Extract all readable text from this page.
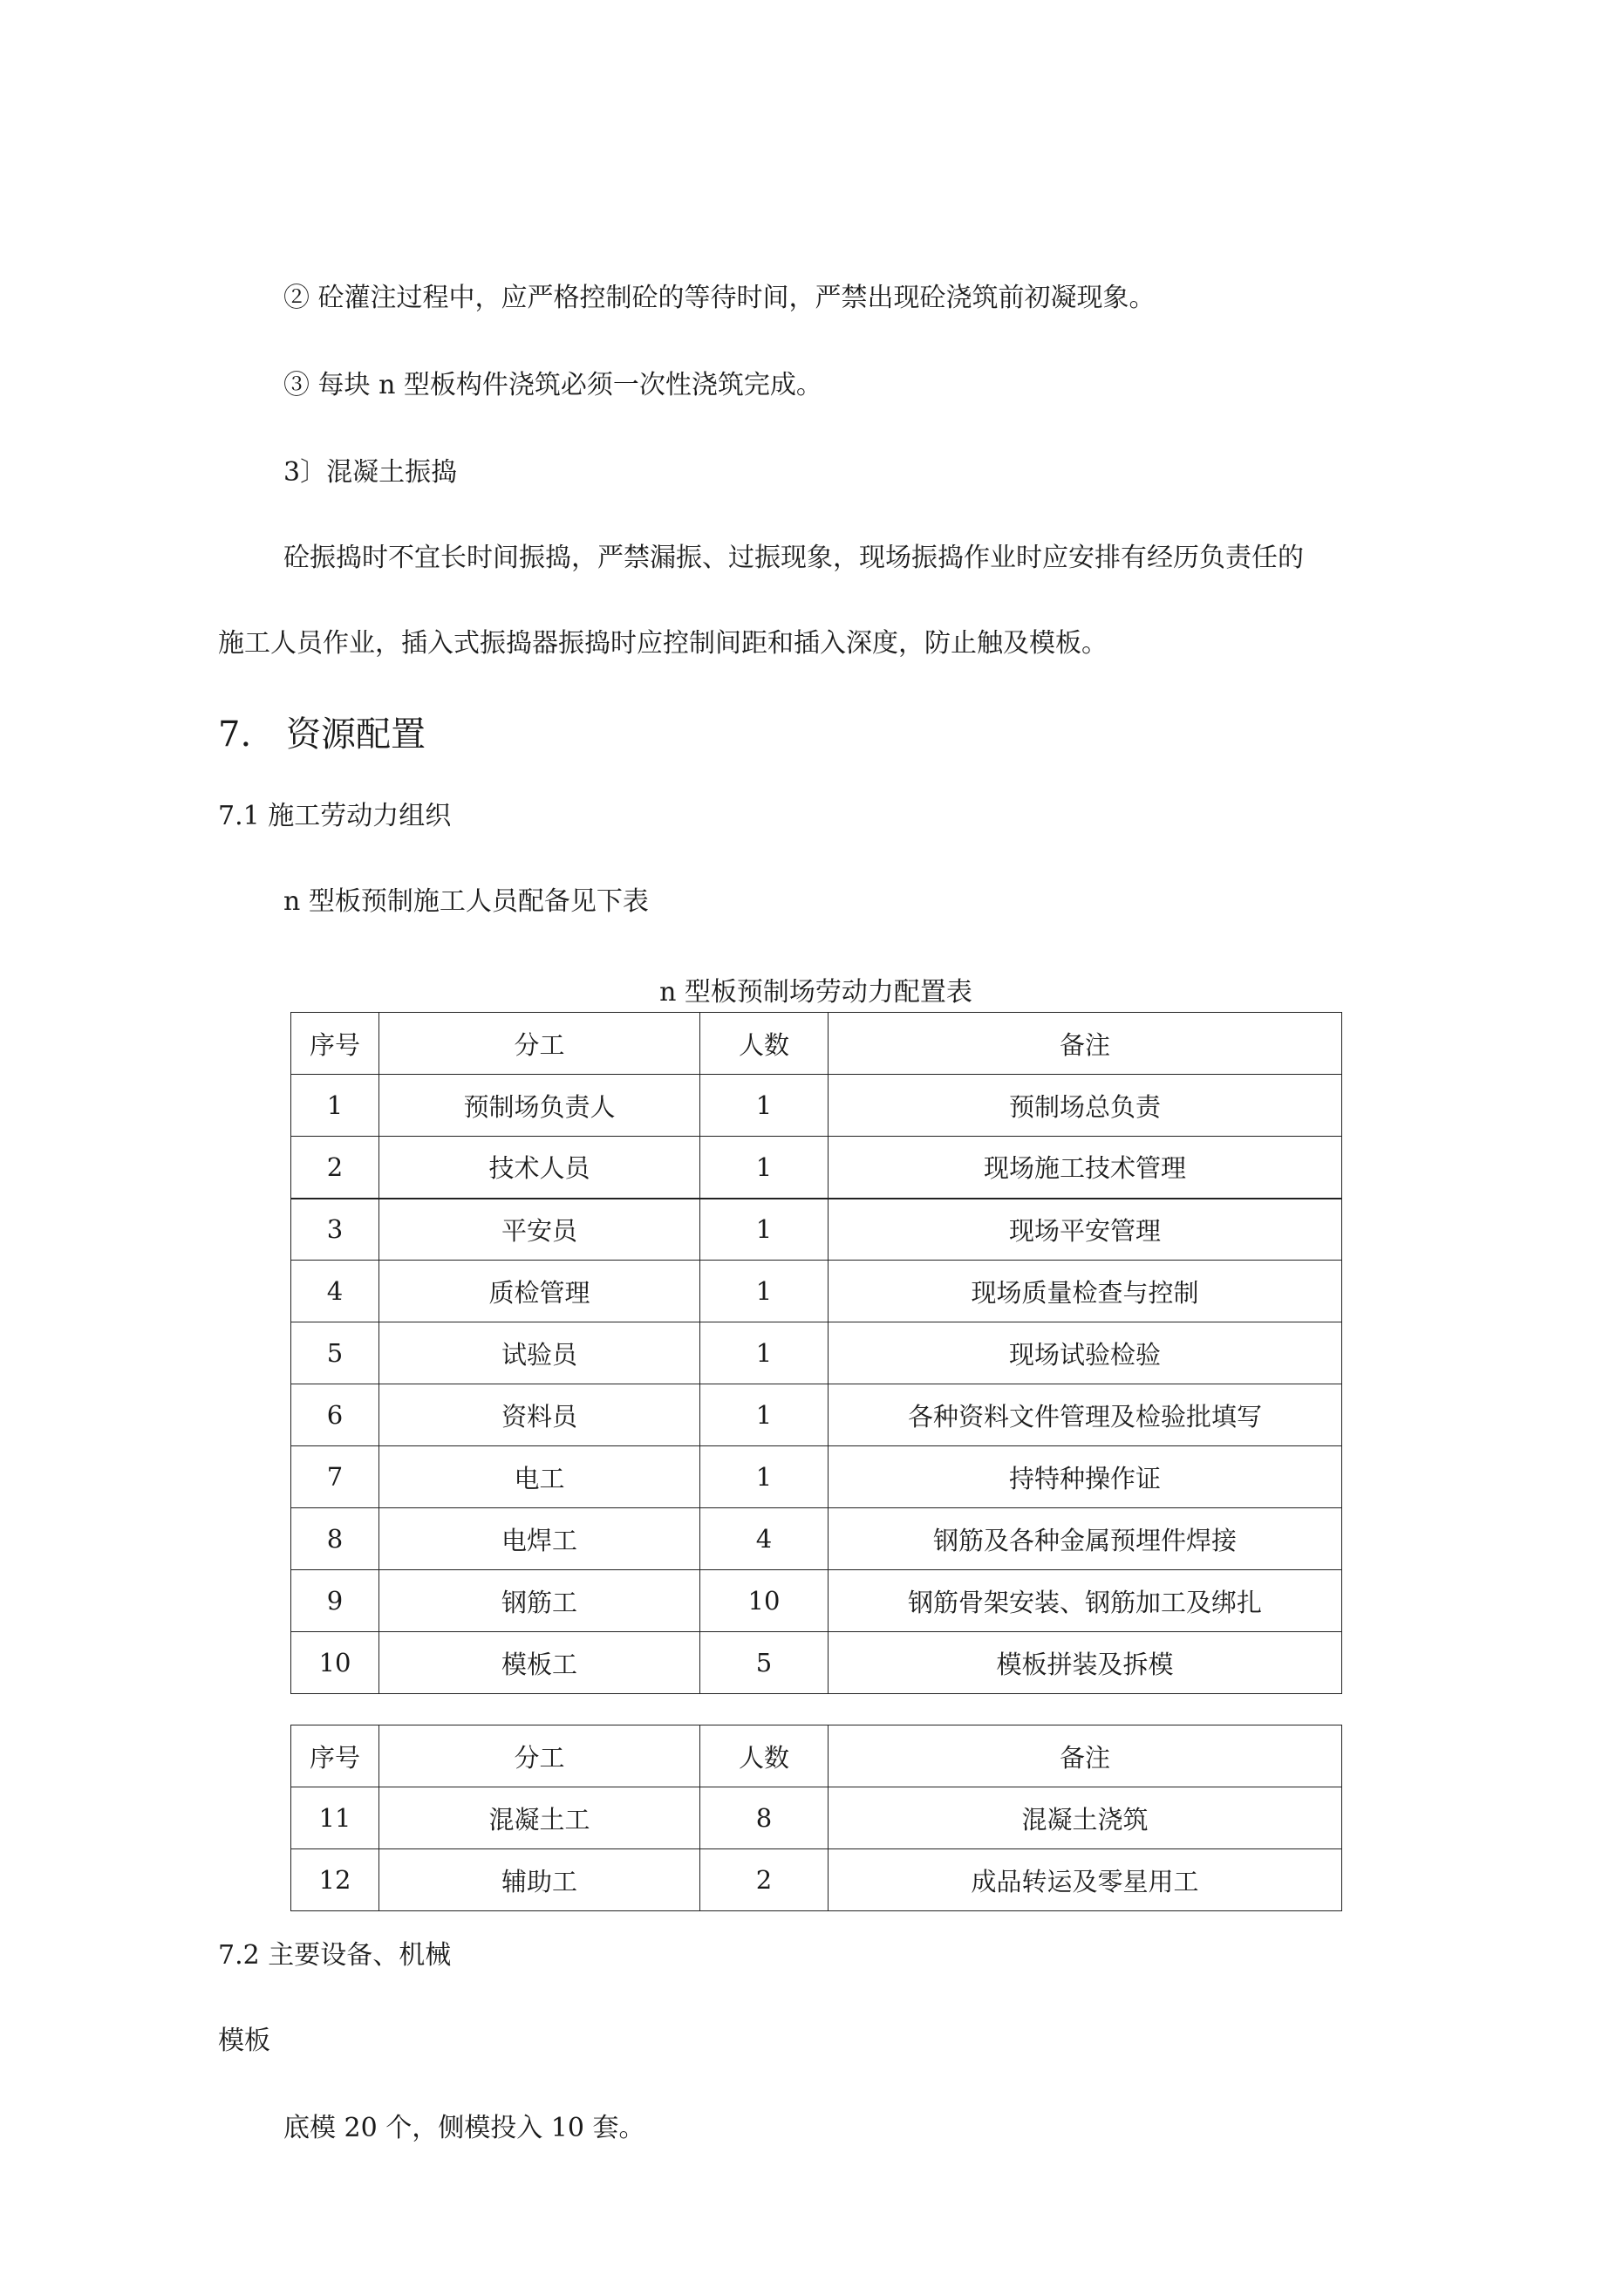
② 砼灌注过程中，应严格控制砼的等待时间，严禁出现砼浇筑前初凝现象。
③ 每块 n 型板构件浇筑必须一次性浇筑完成。
3〕混凝土振捣
砼振捣时不宜长时间振捣，严禁漏振、过振现象，现场振捣作业时应安排有经历负责任的
施工人员作业，插入式振捣器振捣时应控制间距和插入深度，防止触及模板。
7. 资源配置
7.1 施工劳动力组织
n 型板预制施工人员配备见下表
n 型板预制场劳动力配置表
序号	分工	人数	备注
1	预制场负责人	1	预制场总负责
2	技术人员	1	现场施工技术管理
3	平安员	1	现场平安管理
4	质检管理	1	现场质量检查与控制
5	试验员	1	现场试验检验
6	资料员	1	各种资料文件管理及检验批填写
7	电工	1	持特种操作证
8	电焊工	4	钢筋及各种金属预埋件焊接
9	钢筋工	10	钢筋骨架安装、钢筋加工及绑扎
10	模板工	5	模板拼装及拆模
序号	分工	人数	备注
11	混凝土工	8	混凝土浇筑
12	辅助工	2	成品转运及零星用工
7.2 主要设备、机械
模板
底模 20 个，侧模投入 10 套。
